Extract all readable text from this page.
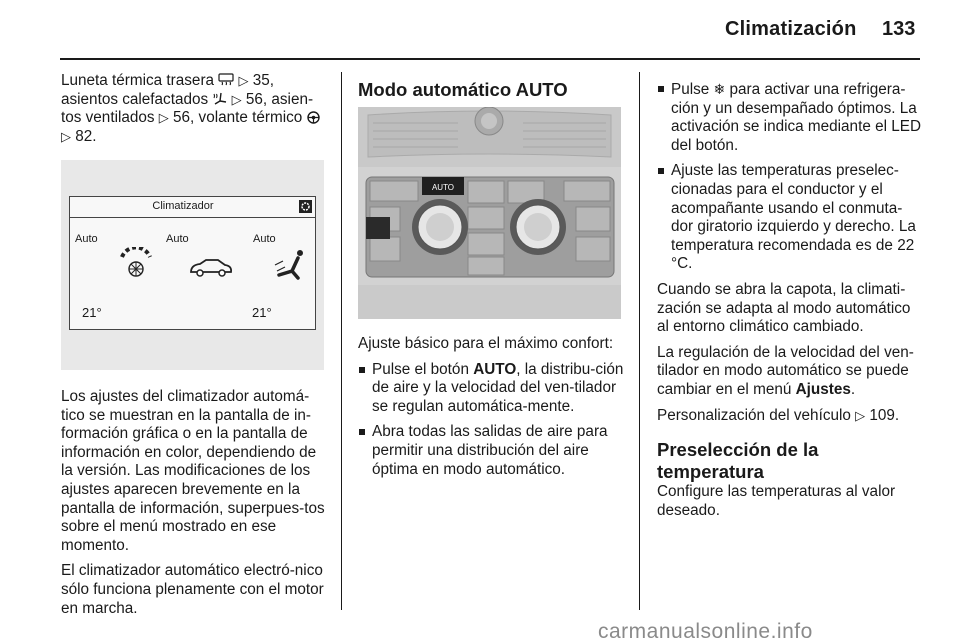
Climatización 133

Luneta térmica trasera  ▷ 35,
asientos calefactados  ▷ 56, asien-
tos ventilados ▷ 56, volante térmico
▷ 82.

Climatizador
Auto	Auto	Auto
21°	21°

Los ajustes del climatizador automá-tico se muestran en la pantalla de in-formación gráfica o en la pantalla de información en color, dependiendo de la versión. Las modificaciones de los ajustes aparecen brevemente en la pantalla de información, superpues-tos sobre el menú mostrado en ese momento.

El climatizador automático electró-nico sólo funciona plenamente con el motor en marcha.

Modo automático AUTO
AUTO

Ajuste básico para el máximo confort:

Pulse el botón AUTO, la distribu-ción de aire y la velocidad del ven-tilador se regulan automática-mente.
Abra todas las salidas de aire para permitir una distribución del aire óptima en modo automático.
Pulse ❄ para activar una refrigera-ción y un desempañado óptimos. La activación se indica mediante el LED del botón.
Ajuste las temperaturas preselec-cionadas para el conductor y el acompañante usando el conmuta-dor giratorio izquierdo y derecho. La temperatura recomendada es de 22 °C.

Cuando se abra la capota, la climati-zación se adapta al modo automático al entorno climático cambiado.

La regulación de la velocidad del ven-tilador en modo automático se puede cambiar en el menú Ajustes.

Personalización del vehículo ▷ 109.

Preselección de la temperatura

Configure las temperaturas al valor deseado.

carmanualsonline.info
